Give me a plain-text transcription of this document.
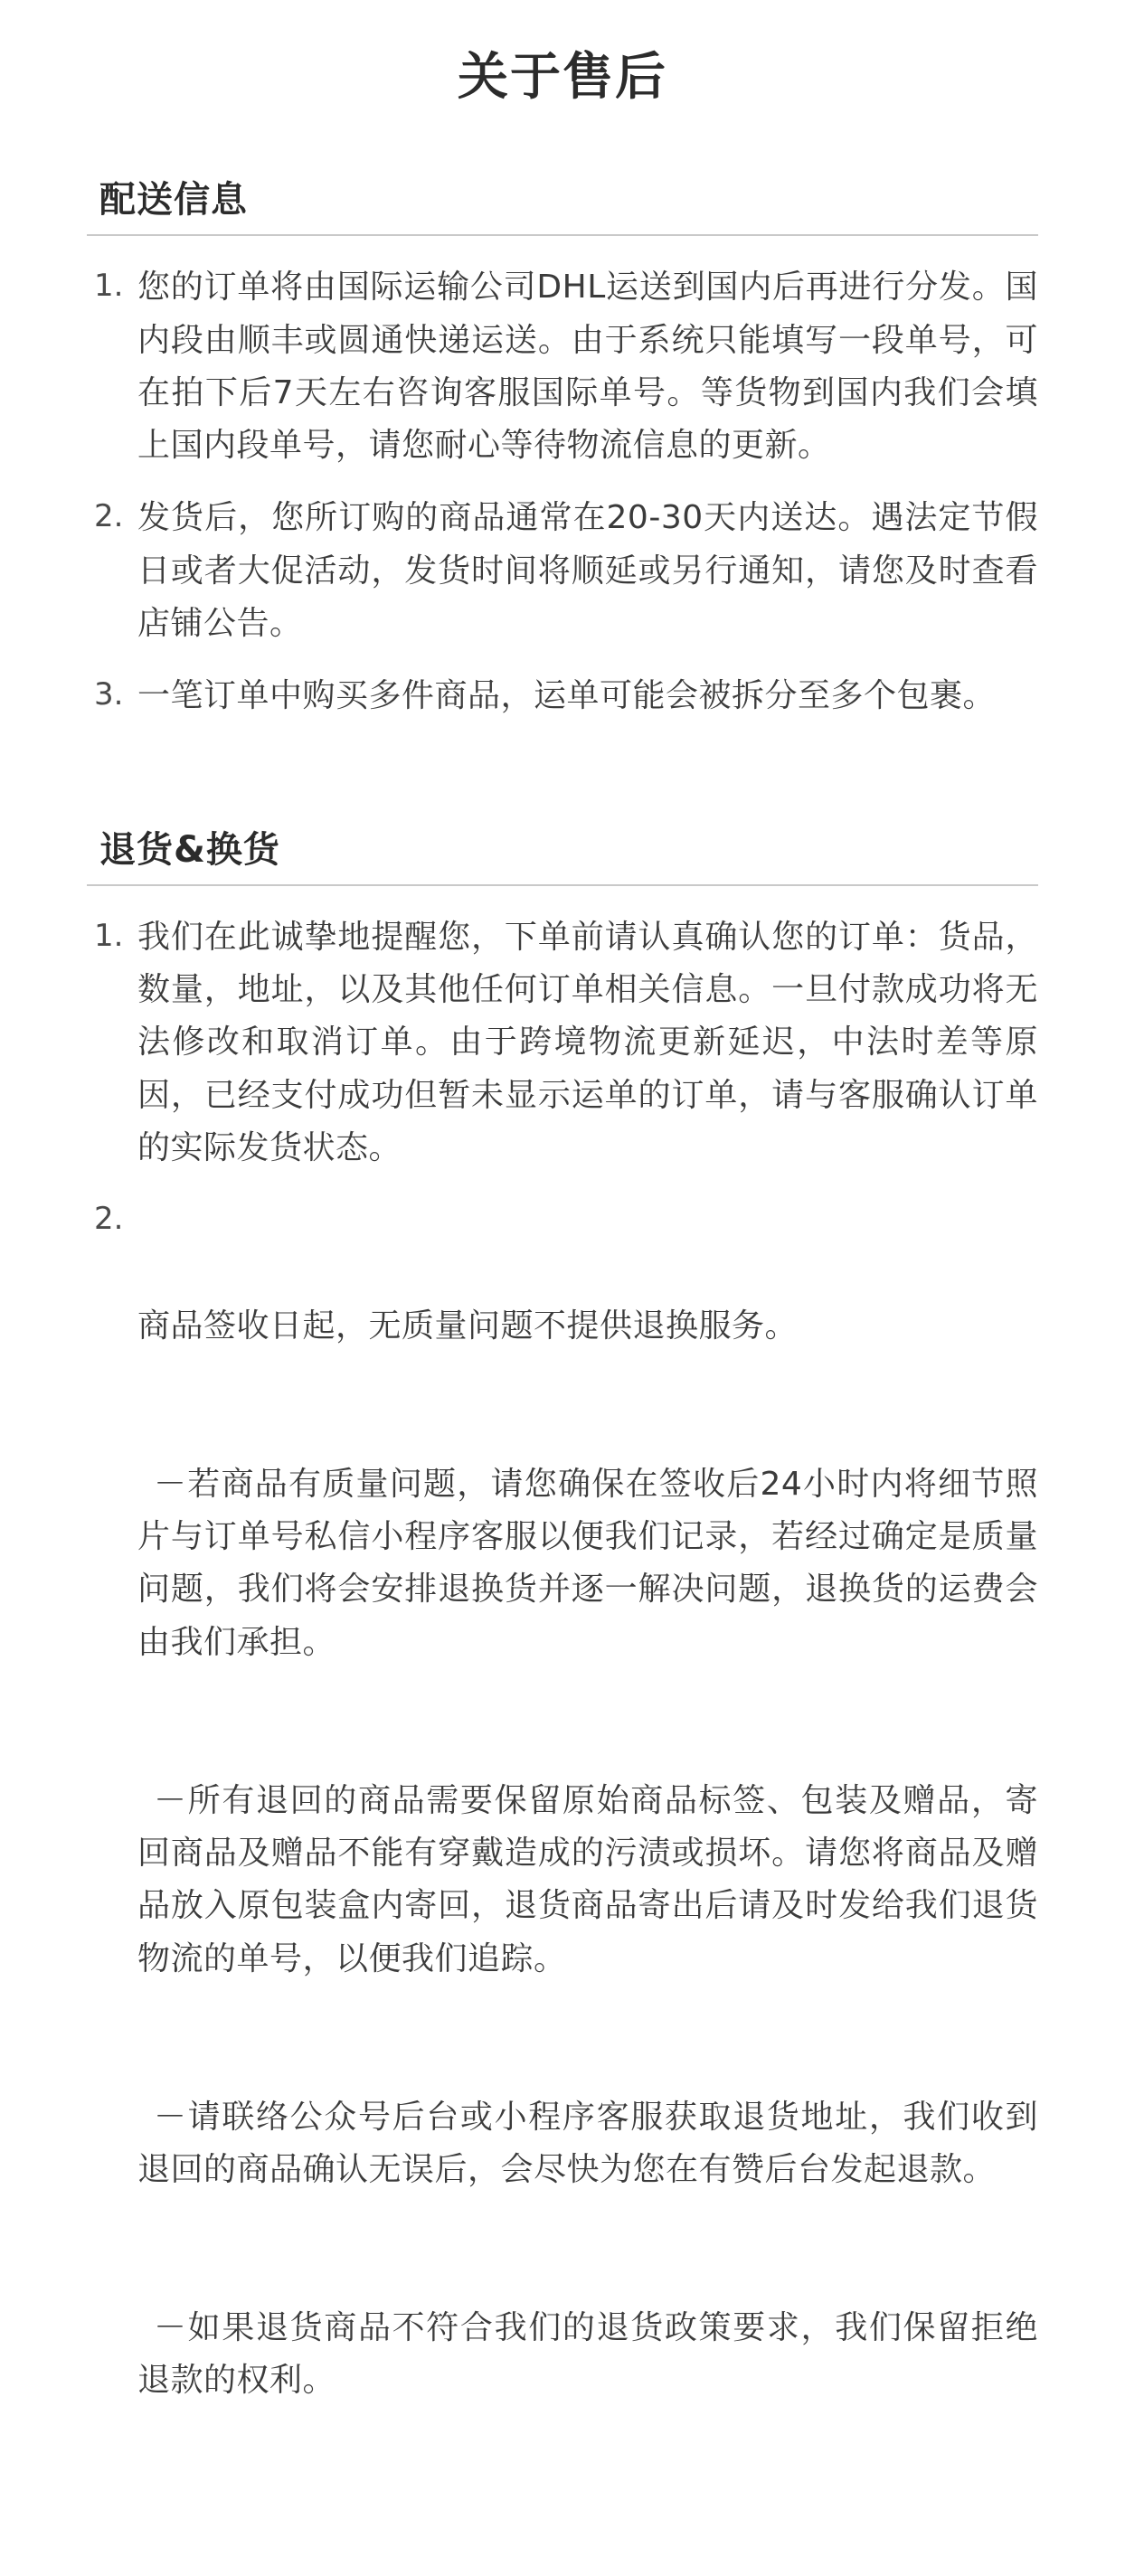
关于售后
配送信息
1. 您的订单将由国际运输公司DHL运送到国内后再进行分发。国内段由顺丰或圆通快递运送。由于系统只能填写一段单号，可在拍下后7天左右咨询客服国际单号。等货物到国内我们会填上国内段单号，请您耐心等待物流信息的更新。
2. 发货后，您所订购的商品通常在20-30天内送达。遇法定节假日或者大促活动，发货时间将顺延或另行通知，请您及时查看店铺公告。
3. 一笔订单中购买多件商品，运单可能会被拆分至多个包裹。
退货&换货
1. 我们在此诚挚地提醒您，下单前请认真确认您的订单：货品，数量，地址，以及其他任何订单相关信息。一旦付款成功将无法修改和取消订单。由于跨境物流更新延迟，中法时差等原因，已经支付成功但暂未显示运单的订单，请与客服确认订单的实际发货状态。
2.

商品签收日起，无质量问题不提供退换服务。

－若商品有质量问题，请您确保在签收后24小时内将细节照片与订单号私信小程序客服以便我们记录，若经过确定是质量问题，我们将会安排退换货并逐一解决问题，退换货的运费会由我们承担。

－所有退回的商品需要保留原始商品标签、包装及赠品，寄回商品及赠品不能有穿戴造成的污渍或损坏。请您将商品及赠品放入原包装盒内寄回，退货商品寄出后请及时发给我们退货物流的单号，以便我们追踪。

－请联络公众号后台或小程序客服获取退货地址，我们收到退回的商品确认无误后，会尽快为您在有赞后台发起退款。

－如果退货商品不符合我们的退货政策要求，我们保留拒绝退款的权利。
